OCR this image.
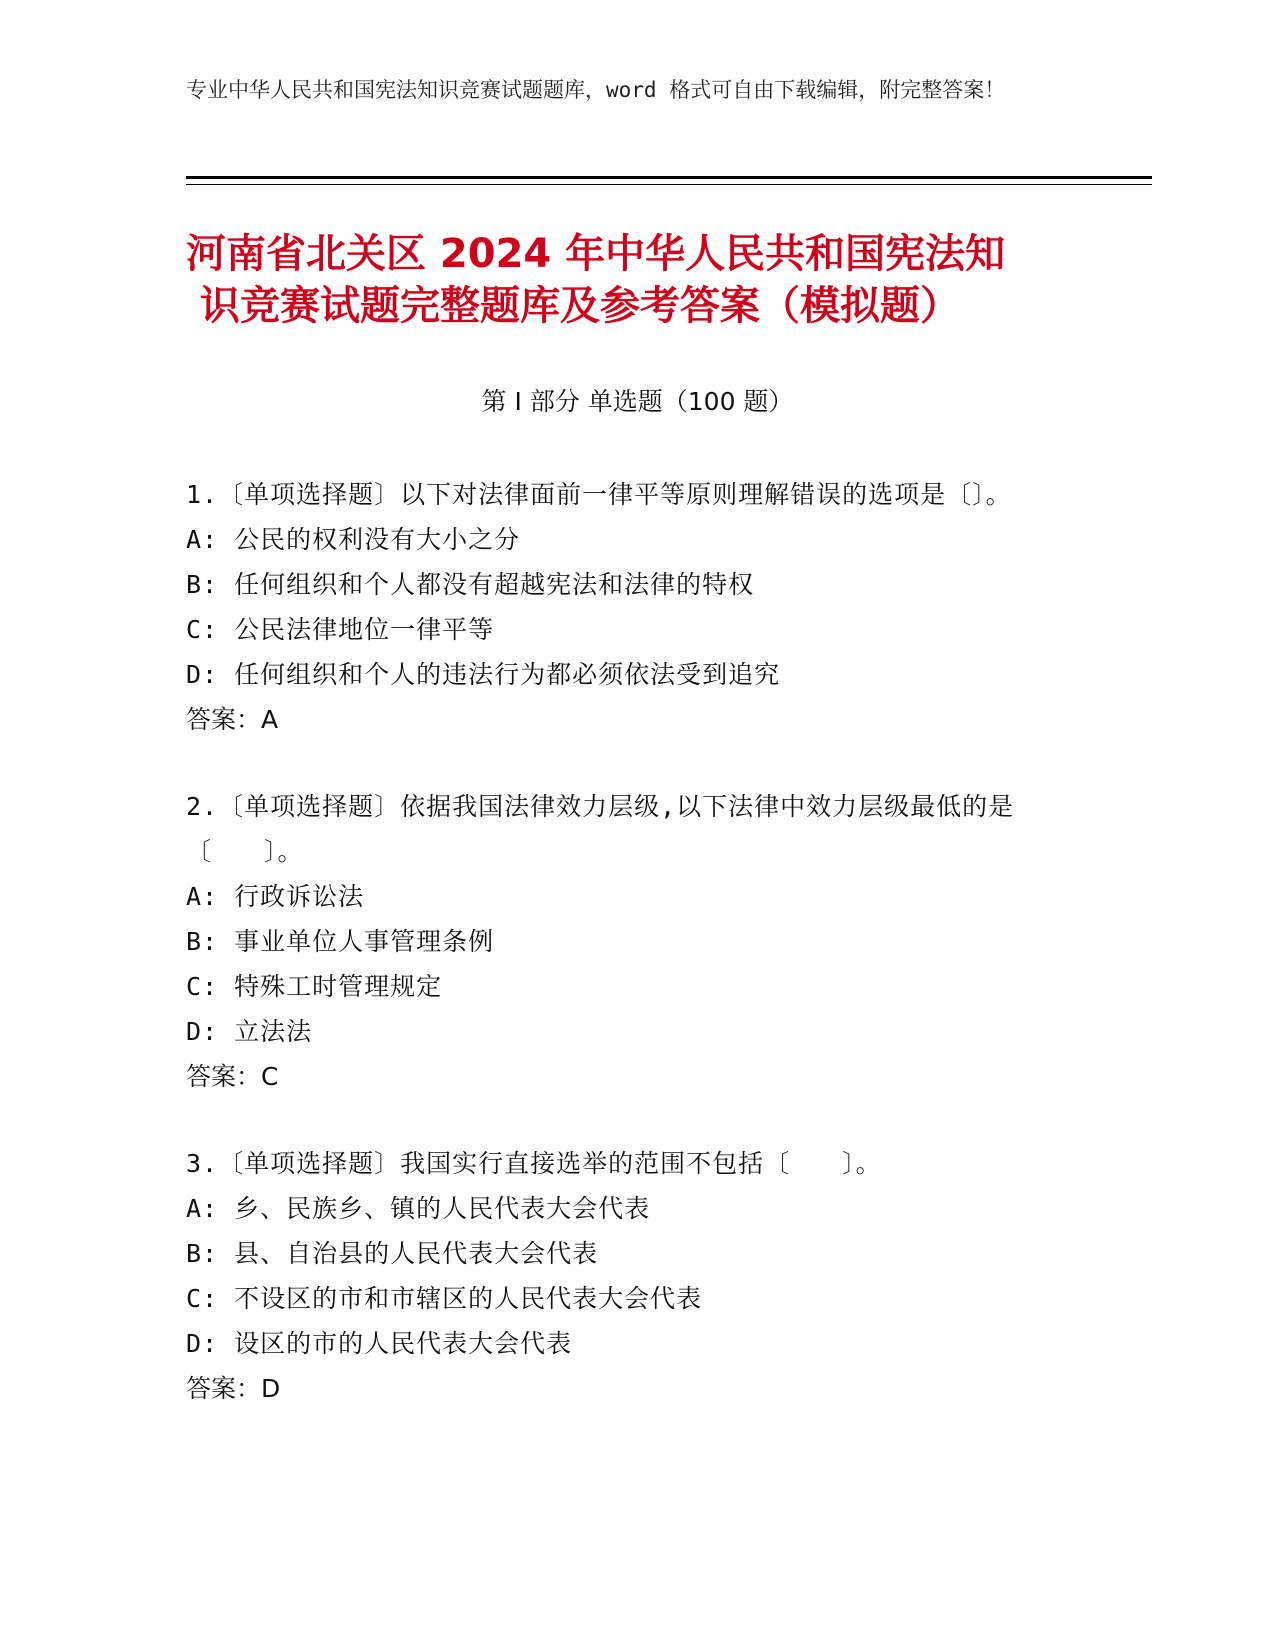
专业中华人民共和国宪法知识竞赛试题题库，word 格式可自由下载编辑，附完整答案！
河南省北关区 2024 年中华人民共和国宪法知
识竞赛试题完整题库及参考答案（模拟题）
第 I 部分 单选题（100 题）
1.〔单项选择题〕以下对法律面前一律平等原则理解错误的选项是〔〕。
A: 公民的权利没有大小之分
B: 任何组织和个人都没有超越宪法和法律的特权
C: 公民法律地位一律平等
D: 任何组织和个人的违法行为都必须依法受到追究
答案：A
2.〔单项选择题〕依据我国法律效力层级,以下法律中效力层级最低的是〔　　〕。
A: 行政诉讼法
B: 事业单位人事管理条例
C: 特殊工时管理规定
D: 立法法
答案：C
3.〔单项选择题〕我国实行直接选举的范围不包括〔　　〕。
A: 乡、民族乡、镇的人民代表大会代表
B: 县、自治县的人民代表大会代表
C: 不设区的市和市辖区的人民代表大会代表
D: 设区的市的人民代表大会代表
答案：D
